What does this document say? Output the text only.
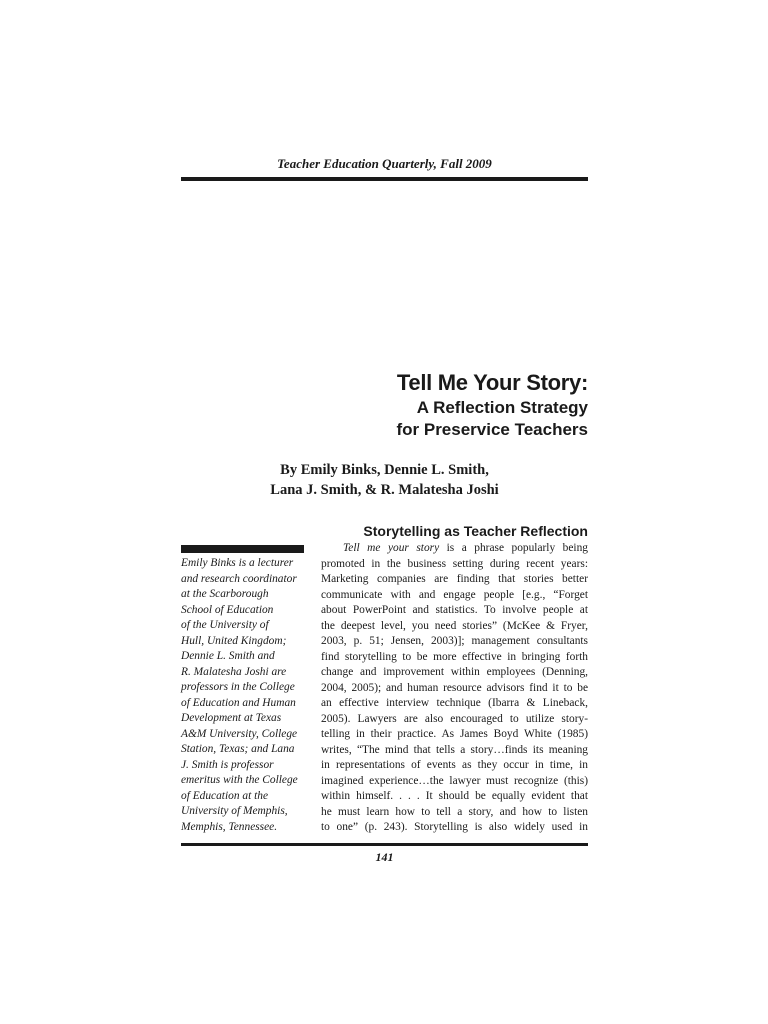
Teacher Education Quarterly, Fall 2009
Tell Me Your Story:
A Reflection Strategy
for Preservice Teachers
By Emily Binks, Dennie L. Smith,
Lana J. Smith, & R. Malatesha Joshi
Storytelling as Teacher Reflection
Emily Binks is a lecturer
and research coordinator
at the Scarborough
School of Education
of the University of
Hull, United Kingdom;
Dennie L. Smith and
R. Malatesha Joshi are
professors in the College
of Education and Human
Development at Texas
A&M University, College
Station, Texas; and Lana
J. Smith is professor
emeritus with the College
of Education at the
University of Memphis,
Memphis, Tennessee.
Tell me your story is a phrase popularly being
promoted in the business setting during recent years:
Marketing companies are finding that stories better
communicate with and engage people [e.g., “Forget
about PowerPoint and statistics. To involve people at
the deepest level, you need stories” (McKee & Fryer,
2003, p. 51; Jensen, 2003)]; management consultants
find storytelling to be more effective in bringing forth
change and improvement within employees (Denning,
2004, 2005); and human resource advisors find it to be
an effective interview technique (Ibarra & Lineback,
2005). Lawyers are also encouraged to utilize story-
telling in their practice. As James Boyd White (1985)
writes, “The mind that tells a story…finds its meaning
in representations of events as they occur in time, in
imagined experience…the lawyer must recognize (this)
within himself. . . . It should be equally evident that
he must learn how to tell a story, and how to listen
to one” (p. 243). Storytelling is also widely used in
141
